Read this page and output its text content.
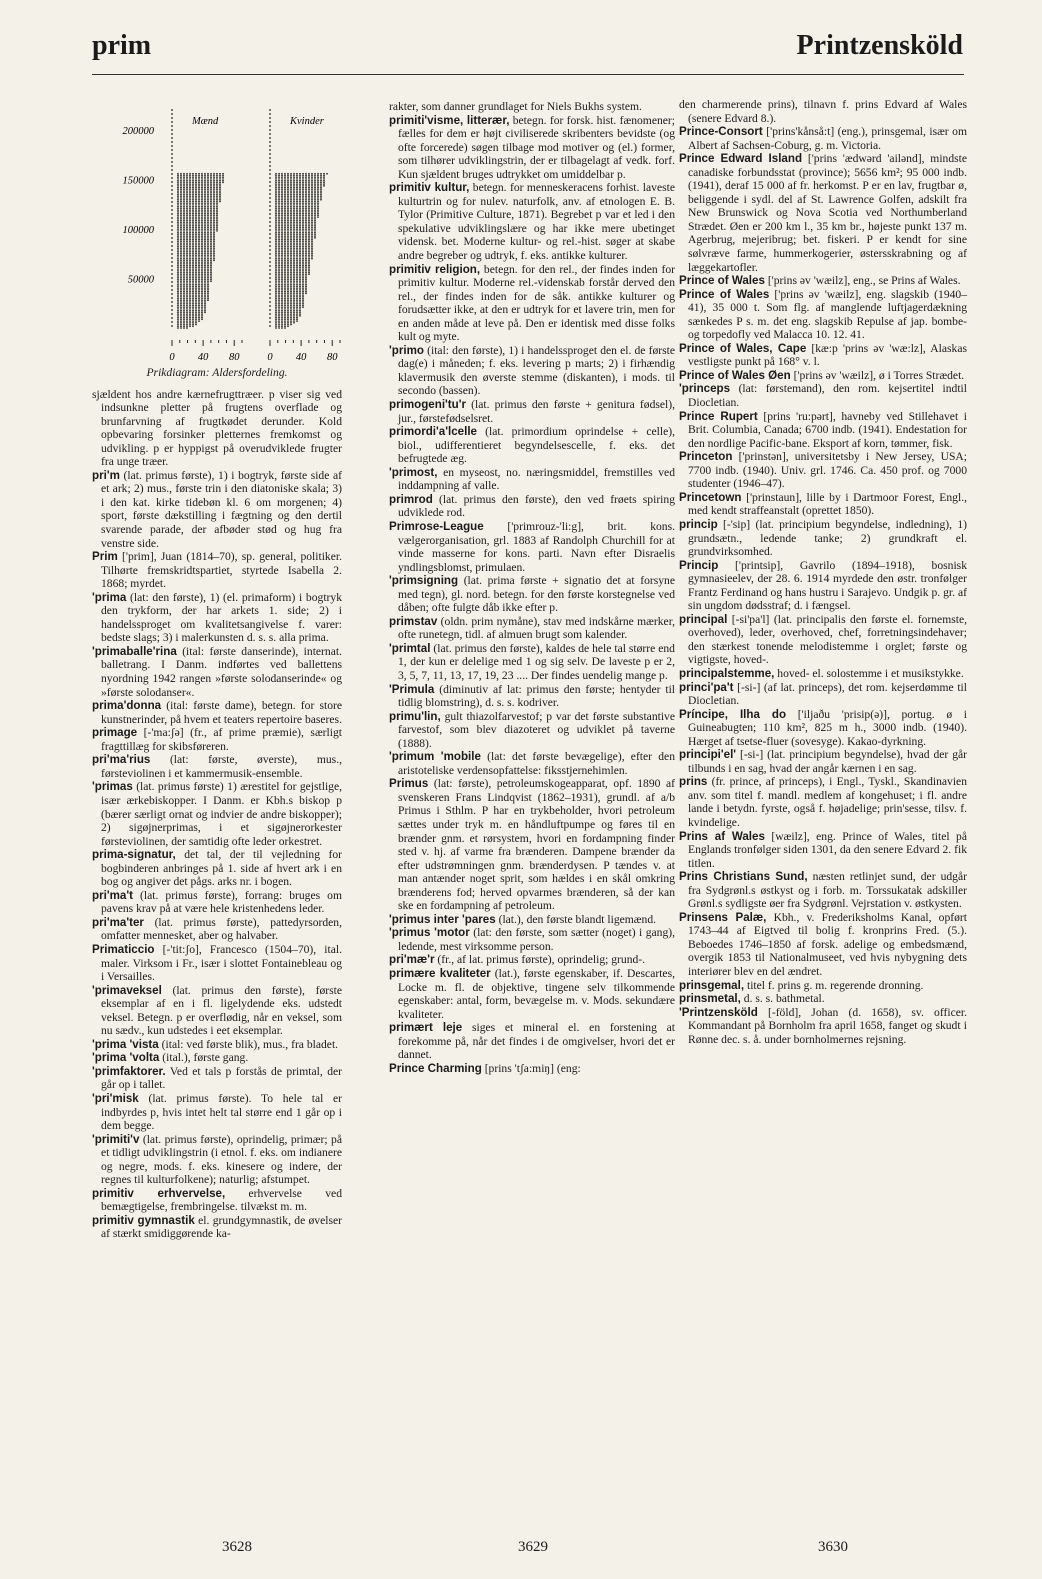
prim	Printzensköld
200000
150000
100000
50000
Mænd
0 40 80
Kvinder
0 40 80
Prikdiagram: Aldersfordeling.

sjældent hos andre kærnefrugttræer. p viser sig ved indsunkne pletter på frugtens overflade og brunfarvning af frugtkødet derunder. Kold opbevaring forsinker pletternes fremkomst og udvikling. p er hyppigst på overudviklede frugter fra unge træer.

pri'm (lat. primus første), 1) i bogtryk, første side af et ark; 2) mus., første trin i den diatoniske skala; 3) i den kat. kirke tidebøn kl. 6 om morgenen; 4) sport, første dækstilling i fægtning og den dertil svarende parade, der afbøder stød og hug fra venstre side.

Prim ['prim], Juan (1814–70), sp. general, politiker. Tilhørte fremskridtspartiet, styrtede Isabella 2. 1868; myrdet.

'prima (lat: den første), 1) (el. primaform) i bogtryk den trykform, der har arkets 1. side; 2) i handelssproget om kvalitetsangivelse f. varer: bedste slags; 3) i malerkunsten d. s. s. alla prima.

'primaballe'rina (ital: første danserinde), internat. balletrang. I Danm. indførtes ved ballettens nyordning 1942 rangen »første solodanserinde« og »første solodanser«.

prima'donna (ital: første dame), betegn. for store kunstnerinder, på hvem et teaters repertoire baseres.

primage [-'ma:ʃə] (fr., af prime præmie), særligt fragttillæg for skibsføreren.

pri'ma'rius (lat: første, øverste), mus., førsteviolinen i et kammermusik-ensemble.

'primas (lat. primus første) 1) ærestitel for gejstlige, især ærkebiskopper. I Danm. er Kbh.s biskop p (bærer særligt ornat og indvier de andre biskopper); 2) sigøjnerprimas, i et sigøjnerorkester førsteviolinen, der samtidig ofte leder orkestret.

prima-signatur, det tal, der til vejledning for bogbinderen anbringes på 1. side af hvert ark i en bog og angiver det pågs. arks nr. i bogen.

pri'ma't (lat. primus første), forrang: bruges om pavens krav på at være hele kristenhedens leder.

pri'ma'ter (lat. primus første), pattedyrsorden, omfatter mennesket, aber og halvaber.

Primaticcio [-'tit:ʃo], Francesco (1504–70), ital. maler. Virksom i Fr., især i slottet Fontainebleau og i Versailles.

'primaveksel (lat. primus den første), første eksemplar af en i fl. ligelydende eks. udstedt veksel. Betegn. p er overflødig, når en veksel, som nu sædv., kun udstedes i eet eksemplar.

'prima 'vista (ital: ved første blik), mus., fra bladet.

'prima 'volta (ital.), første gang.

'primfaktorer. Ved et tals p forstås de primtal, der går op i tallet.

'pri'misk (lat. primus første). To hele tal er indbyrdes p, hvis intet helt tal større end 1 går op i dem begge.

'primiti'v (lat. primus første), oprindelig, primær; på et tidligt udviklingstrin (i etnol. f. eks. om indianere og negre, mods. f. eks. kinesere og indere, der regnes til kulturfolkene); naturlig; afstumpet.

primitiv erhvervelse, erhvervelse ved bemægtigelse, frembringelse. tilvækst m. m.

primitiv gymnastik el. grundgymnastik, de øvelser af stærkt smidiggørende ka-

rakter, som danner grundlaget for Niels Bukhs system.

primiti'visme, litterær, betegn. for forsk. hist. fænomener; fælles for dem er højt civiliserede skribenters bevidste (og ofte forcerede) søgen tilbage mod motiver og (el.) former, som tilhører udviklingstrin, der er tilbagelagt af vedk. forf. Kun sjældent bruges udtrykket om umiddelbar p.

primitiv kultur, betegn. for menneskeracens forhist. laveste kulturtrin og for nulev. naturfolk, anv. af etnologen E. B. Tylor (Primitive Culture, 1871). Begrebet p var et led i den spekulative udviklingslære og har ikke mere ubetinget vidensk. bet. Moderne kultur- og rel.-hist. søger at skabe andre begreber og udtryk, f. eks. antikke kulturer.

primitiv religion, betegn. for den rel., der findes inden for primitiv kultur. Moderne rel.-videnskab forstår derved den rel., der findes inden for de såk. antikke kulturer og forudsætter ikke, at den er udtryk for et lavere trin, men for en anden måde at leve på. Den er identisk med disse folks kult og myte.

'primo (ital: den første), 1) i handelssproget den el. de første dag(e) i måneden; f. eks. levering p marts; 2) i firhændig klavermusik den øverste stemme (diskanten), i mods. til secondo (bassen).

primogeni'tu'r (lat. primus den første + genitura fødsel), jur., førstefødselsret.

primordi'a'lcelle (lat. primordium oprindelse + celle), biol., udifferentieret begyndelsescelle, f. eks. det befrugtede æg.

'primost, en myseost, no. næringsmiddel, fremstilles ved inddampning af valle.

primrod (lat. primus den første), den ved frøets spiring udviklede rod.

Primrose-League ['primrouz-'li:g], brit. kons. vælgerorganisation, grl. 1883 af Randolph Churchill for at vinde masserne for kons. parti. Navn efter Disraelis yndlingsblomst, primulaen.

'primsigning (lat. prima første + signatio det at forsyne med tegn), gl. nord. betegn. for den første korstegnelse ved dåben; ofte fulgte dåb ikke efter p.

primstav (oldn. prim nymåne), stav med indskårne mærker, ofte runetegn, tidl. af almuen brugt som kalender.

'primtal (lat. primus den første), kaldes de hele tal større end 1, der kun er delelige med 1 og sig selv. De laveste p er 2, 3, 5, 7, 11, 13, 17, 19, 23 .... Der findes uendelig mange p.

'Primula (diminutiv af lat: primus den første; hentyder til tidlig blomstring), d. s. s. kodriver.

primu'lin, gult thiazolfarvestof; p var det første substantive farvestof, som blev diazoteret og udviklet på taverne (1888).

'primum 'mobile (lat: det første bevægelige), efter den aristoteliske verdensopfattelse: fiksstjernehimlen.

Primus (lat: første), petroleumskogeapparat, opf. 1890 af svenskeren Frans Lindqvist (1862–1931), grundl. af a/b Primus i Sthlm. P har en trykbeholder, hvori petroleum sættes under tryk m. en håndluftpumpe og føres til en brænder gnm. et rørsystem, hvori en fordampning finder sted v. hj. af varme fra brænderen. Dampene brænder da efter udstrømningen gnm. brænderdysen. P tændes v. at man antænder noget sprit, som hældes i en skål omkring brænderens fod; herved opvarmes brænderen, så der kan ske en fordampning af petroleum.

'primus inter 'pares (lat.), den første blandt ligemænd.

'primus 'motor (lat: den første, som sætter (noget) i gang), ledende, mest virksomme person.

pri'mæ'r (fr., af lat. primus første), oprindelig; grund-.

primære kvaliteter (lat.), første egenskaber, if. Descartes, Locke m. fl. de objektive, tingene selv tilkommende egenskaber: antal, form, bevægelse m. v. Mods. sekundære kvaliteter.

primært leje siges et mineral el. en forstening at forekomme på, når det findes i de omgivelser, hvori det er dannet.

Prince Charming [prins 'tʃa:miŋ] (eng:

den charmerende prins), tilnavn f. prins Edvard af Wales (senere Edvard 8.).

Prince-Consort ['prins'kånså:t] (eng.), prinsgemal, især om Albert af Sachsen-Coburg, g. m. Victoria.

Prince Edward Island ['prins 'ædwərd 'ailənd], mindste canadiske forbundsstat (province); 5656 km²; 95 000 indb. (1941), deraf 15 000 af fr. herkomst. P er en lav, frugtbar ø, beliggende i sydl. del af St. Lawrence Golfen, adskilt fra New Brunswick og Nova Scotia ved Northumberland Strædet. Øen er 200 km l., 35 km br., højeste punkt 137 m. Agerbrug, mejeribrug; bet. fiskeri. P er kendt for sine sølvræve farme, hummerkogerier, østersskrabning og af læggekartofler.

Prince of Wales ['prins əv 'wæilz], eng., se Prins af Wales.

Prince of Wales ['prins əv 'wæilz], eng. slagskib (1940–41), 35 000 t. Som flg. af manglende luftjagerdækning sænkedes P s. m. det eng. slagskib Repulse af jap. bombe- og torpedofly ved Malacca 10. 12. 41.

Prince of Wales, Cape [kæ:p 'prins əv 'wæ:lz], Alaskas vestligste punkt på 168° v. l.

Prince of Wales Øen ['prins əv 'wæilz], ø i Torres Strædet.

'princeps (lat: førstemand), den rom. kejsertitel indtil Diocletian.

Prince Rupert [prins 'ru:pərt], havneby ved Stillehavet i Brit. Columbia, Canada; 6700 indb. (1941). Endestation for den nordlige Pacific-bane. Eksport af korn, tømmer, fisk.

Princeton ['prinstən], universitetsby i New Jersey, USA; 7700 indb. (1940). Univ. grl. 1746. Ca. 450 prof. og 7000 studenter (1946–47).

Princetown ['prinstaun], lille by i Dartmoor Forest, Engl., med kendt straffeanstalt (oprettet 1850).

princip [-'sip] (lat. principium begyndelse, indledning), 1) grundsætn., ledende tanke; 2) grundkraft el. grundvirksomhed.

Princip ['printsip], Gavrilo (1894–1918), bosnisk gymnasieelev, der 28. 6. 1914 myrdede den østr. tronfølger Frantz Ferdinand og hans hustru i Sarajevo. Undgik p. gr. af sin ungdom dødsstraf; d. i fængsel.

principal [-si'pa'l] (lat. principalis den første el. fornemste, overhoved), leder, overhoved, chef, forretningsindehaver; den stærkest tonende melodistemme i orglet; første og vigtigste, hoved-.

principalstemme, hoved- el. solostemme i et musikstykke.

princi'pa't [-si-] (af lat. princeps), det rom. kejserdømme til Diocletian.

Príncipe, Ilha do ['iljaðu 'prisip(ə)], portug. ø i Guineabugten; 110 km², 825 m h., 3000 indb. (1940). Hærget af tsetse-fluer (sovesyge). Kakao-dyrkning.

principi'el' [-si-] (lat. principium begyndelse), hvad der går tilbunds i en sag, hvad der angår kærnen i en sag.

prins (fr. prince, af princeps), i Engl., Tyskl., Skandinavien anv. som titel f. mandl. medlem af kongehuset; i fl. andre lande i betydn. fyrste, også f. højadelige; prin'sesse, tilsv. f. kvindelige.

Prins af Wales [wæilz], eng. Prince of Wales, titel på Englands tronfølger siden 1301, da den senere Edvard 2. fik titlen.

Prins Christians Sund, næsten retlinjet sund, der udgår fra Sydgrønl.s østkyst og i forb. m. Torssukatak adskiller Grønl.s sydligste øer fra Sydgrønl. Vejrstation v. østkysten.

Prinsens Palæ, Kbh., v. Frederiksholms Kanal, opført 1743–44 af Eigtved til bolig f. kronprins Fred. (5.). Beboedes 1746–1850 af forsk. adelige og embedsmænd, overgik 1853 til Nationalmuseet, ved hvis nybygning dets interiører blev en del ændret.

prinsgemal, titel f. prins g. m. regerende dronning.

prinsmetal, d. s. s. bathmetal.

'Printzensköld [-föld], Johan (d. 1658), sv. officer. Kommandant på Bornholm fra april 1658, fanget og skudt i Rønne dec. s. å. under bornholmernes rejsning.

3628	3629	3630
